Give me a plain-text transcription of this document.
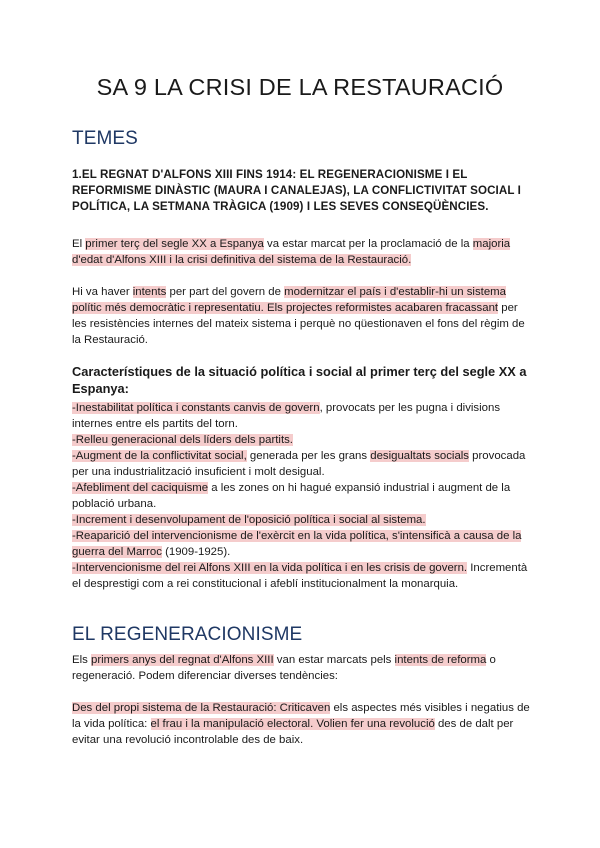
SA 9 LA CRISI DE LA RESTAURACIÓ
TEMES
1.EL REGNAT D'ALFONS XIII FINS 1914: EL REGENERACIONISME I EL REFORMISME DINÀSTIC (MAURA I CANALEJAS), LA CONFLICTIVITAT SOCIAL I POLÍTICA, LA SETMANA TRÀGICA (1909) I LES SEVES CONSEQÜÈNCIES.

El primer terç del segle XX a Espanya va estar marcat per la proclamació de la majoria d'edat d'Alfons XIII i la crisi definitiva del sistema de la Restauració.

Hi va haver intents per part del govern de modernitzar el país i d'establir-hi un sistema polític més democràtic i representatiu. Els projectes reformistes acabaren fracassant per les resistències internes del mateix sistema i perquè no qüestionaven el fons del règim de la Restauració.

Característiques de la situació política i social al primer terç del segle XX a Espanya:
-Inestabilitat política i constants canvis de govern, provocats per les pugna i divisions internes entre els partits del torn.
-Relleu generacional dels líders dels partits.
-Augment de la conflictivitat social, generada per les grans desigualtats socials provocada per una industrialització insuficient i molt desigual.
-Afebliment del caciquisme a les zones on hi hagué expansió industrial i augment de la població urbana.
-Increment i desenvolupament de l'oposició política i social al sistema.
-Reaparició del intervencionisme de l'exèrcit en la vida política, s'intensificà a causa de la guerra del Marroc (1909-1925).
-Intervencionisme del rei Alfons XIII en la vida política i en les crisis de govern. Incrementà el desprestigi com a rei constitucional i afeblí institucionalment la monarquia.
EL REGENERACIONISME

Els primers anys del regnat d'Alfons XIII van estar marcats pels intents de reforma o regeneració. Podem diferenciar diverses tendències:

Des del propi sistema de la Restauració: Criticaven els aspectes més visibles i negatius de la vida política: el frau i la manipulació electoral. Volien fer una revolució des de dalt per evitar una revolució incontrolable des de baix.
